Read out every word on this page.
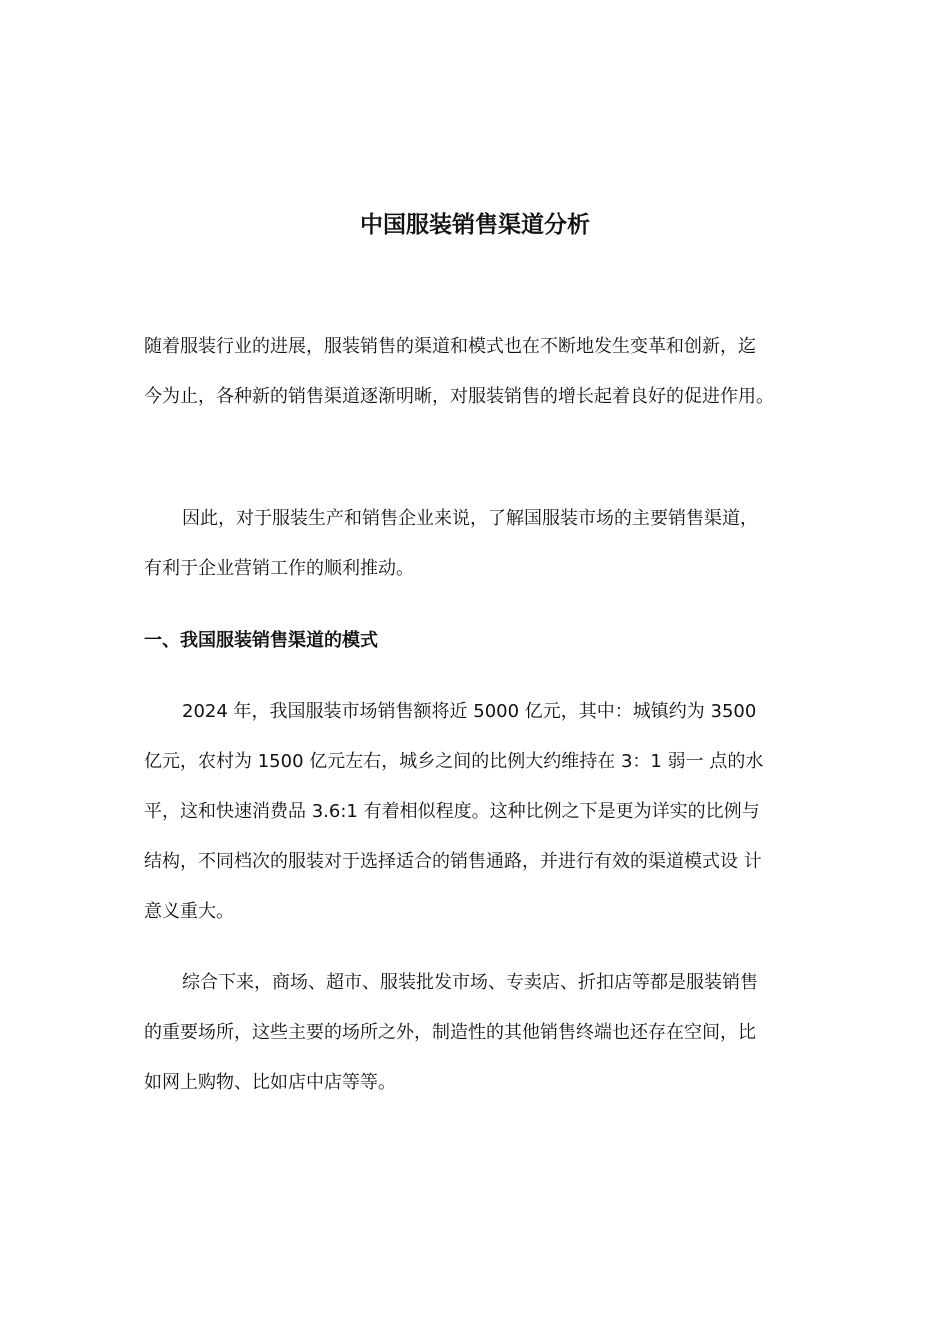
中国服装销售渠道分析

随着服装行业的进展，服装销售的渠道和模式也在不断地发生变革和创新，迄
今为止，各种新的销售渠道逐渐明晰，对服装销售的增长起着良好的促进作用。

因此，对于服装生产和销售企业来说，了解国服装市场的主要销售渠道，
有利于企业营销工作的顺利推动。

一、我国服装销售渠道的模式

2024 年，我国服装市场销售额将近 5000 亿元，其中：城镇约为 3500
亿元，农村为 1500 亿元左右，城乡之间的比例大约维持在 3：1 弱一 点的水
平，这和快速消费品 3.6:1 有着相似程度。这种比例之下是更为详实的比例与
结构，不同档次的服装对于选择适合的销售通路，并进行有效的渠道模式设 计
意义重大。

综合下来，商场、超市、服装批发市场、专卖店、折扣店等都是服装销售
的重要场所，这些主要的场所之外，制造性的其他销售终端也还存在空间，比
如网上购物、比如店中店等等。
